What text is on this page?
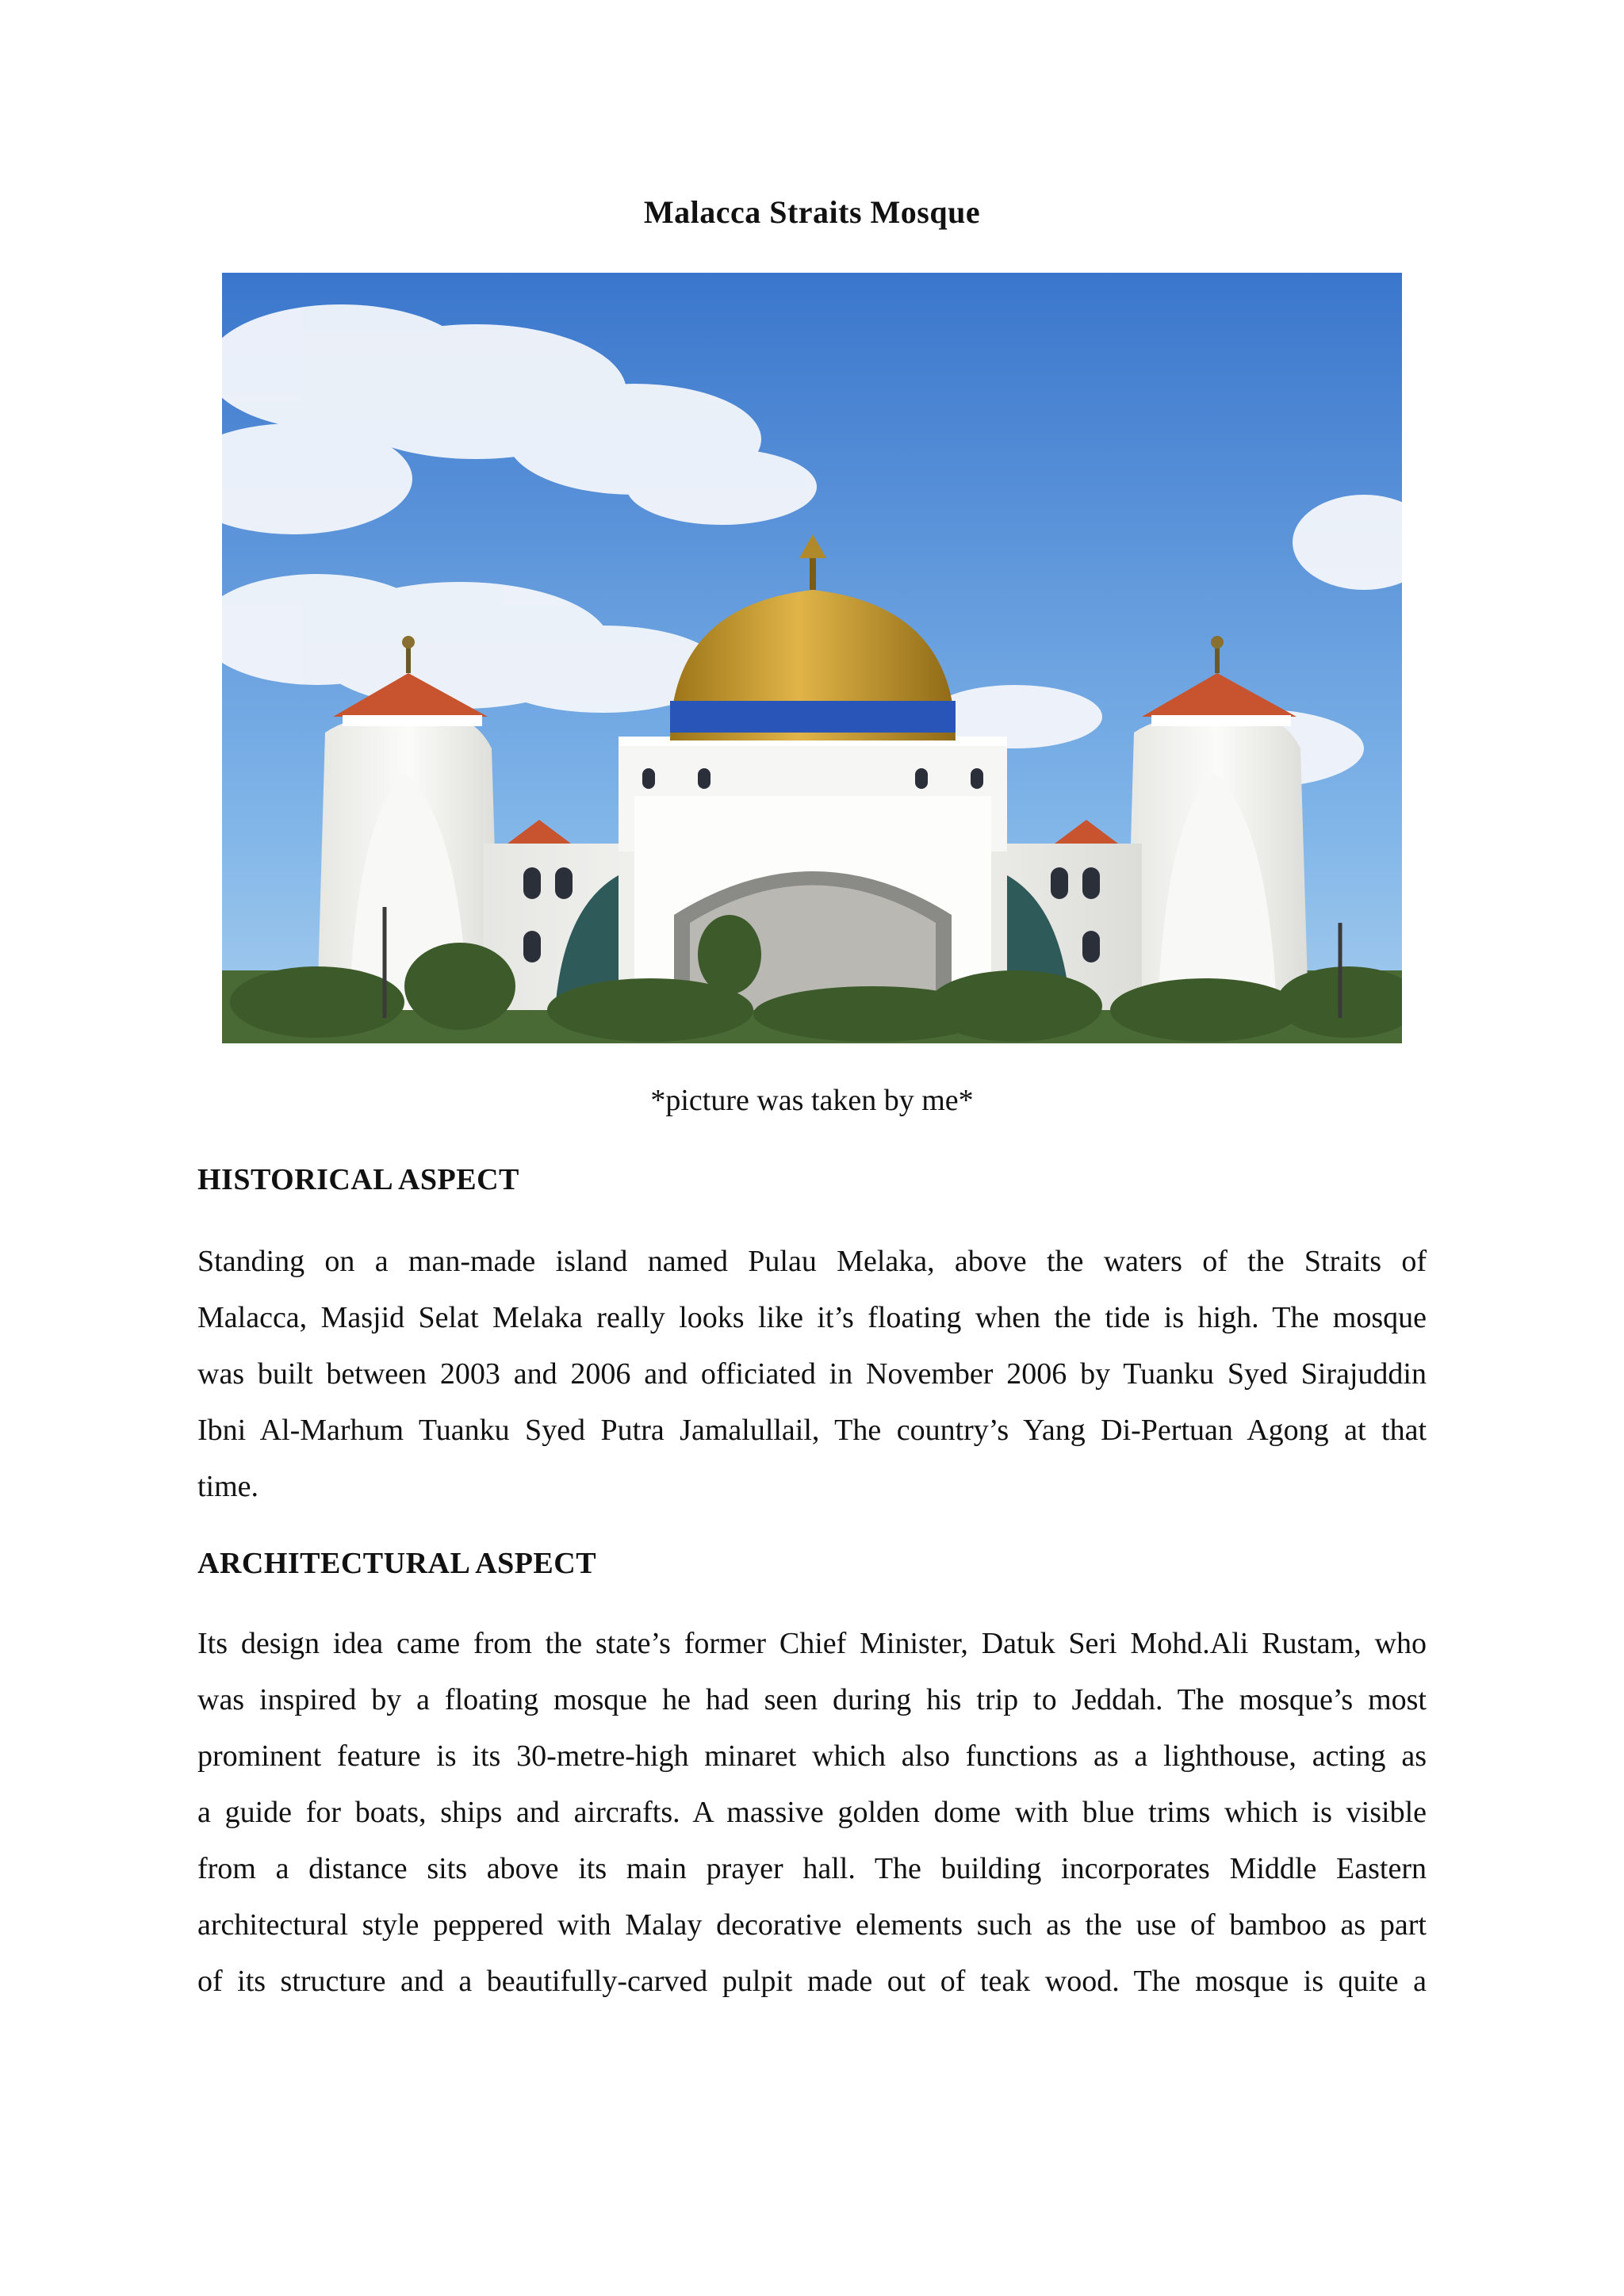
Malacca Straits Mosque
*picture was taken by me*
HISTORICAL ASPECT
Standing on a man-made island named Pulau Melaka, above the waters of the Straits of
Malacca, Masjid Selat Melaka really looks like it’s floating when the tide is high. The mosque
was built between 2003 and 2006 and officiated in November 2006 by Tuanku Syed Sirajuddin
Ibni Al-Marhum Tuanku Syed Putra Jamalullail, The country’s Yang Di-Pertuan Agong at that
time.
ARCHITECTURAL ASPECT
Its design idea came from the state’s former Chief Minister, Datuk Seri Mohd.Ali Rustam, who
was inspired by a floating mosque he had seen during his trip to Jeddah. The mosque’s most
prominent feature is its 30-metre-high minaret which also functions as a lighthouse, acting as
a guide for boats, ships and aircrafts. A massive golden dome with blue trims which is visible
from a distance sits above its main prayer hall. The building incorporates Middle Eastern
architectural style peppered with Malay decorative elements such as the use of bamboo as part
of its structure and a beautifully-carved pulpit made out of teak wood. The mosque is quite a
